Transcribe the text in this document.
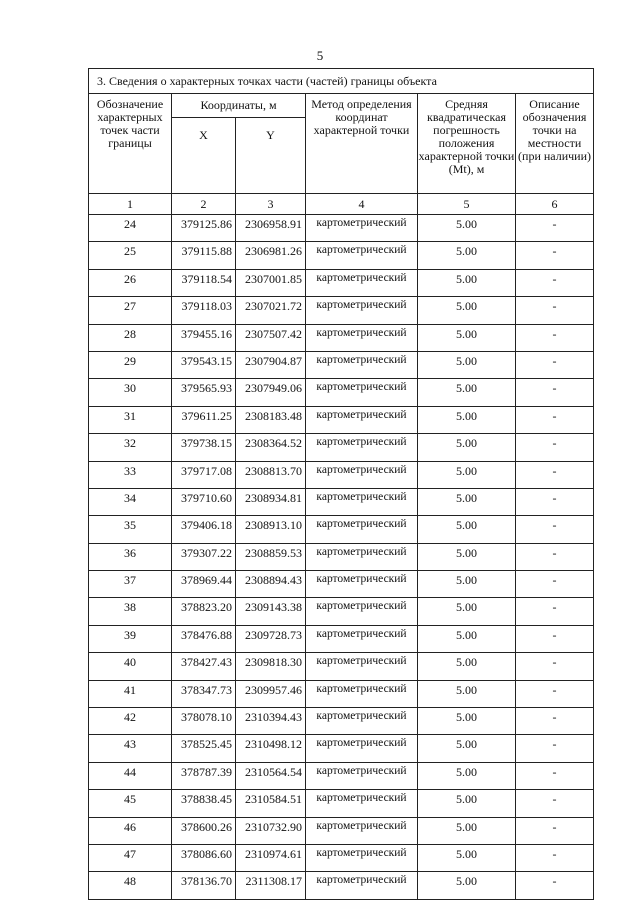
5
3. Сведения о характерных точках части (частей) границы объекта					
Обозначение характерных точек части границы	Координаты, м		Метод определения координат характерной точки	Средняя квадратическая погрешность положения характерной точки (Mt), м	Описание обозначения точки на местности (при наличии)
	X	Y			
1	2	3	4	5	6
24	379125.86	2306958.91	картометрический	5.00	-
25	379115.88	2306981.26	картометрический	5.00	-
26	379118.54	2307001.85	картометрический	5.00	-
27	379118.03	2307021.72	картометрический	5.00	-
28	379455.16	2307507.42	картометрический	5.00	-
29	379543.15	2307904.87	картометрический	5.00	-
30	379565.93	2307949.06	картометрический	5.00	-
31	379611.25	2308183.48	картометрический	5.00	-
32	379738.15	2308364.52	картометрический	5.00	-
33	379717.08	2308813.70	картометрический	5.00	-
34	379710.60	2308934.81	картометрический	5.00	-
35	379406.18	2308913.10	картометрический	5.00	-
36	379307.22	2308859.53	картометрический	5.00	-
37	378969.44	2308894.43	картометрический	5.00	-
38	378823.20	2309143.38	картометрический	5.00	-
39	378476.88	2309728.73	картометрический	5.00	-
40	378427.43	2309818.30	картометрический	5.00	-
41	378347.73	2309957.46	картометрический	5.00	-
42	378078.10	2310394.43	картометрический	5.00	-
43	378525.45	2310498.12	картометрический	5.00	-
44	378787.39	2310564.54	картометрический	5.00	-
45	378838.45	2310584.51	картометрический	5.00	-
46	378600.26	2310732.90	картометрический	5.00	-
47	378086.60	2310974.61	картометрический	5.00	-
48	378136.70	2311308.17	картометрический	5.00	-
